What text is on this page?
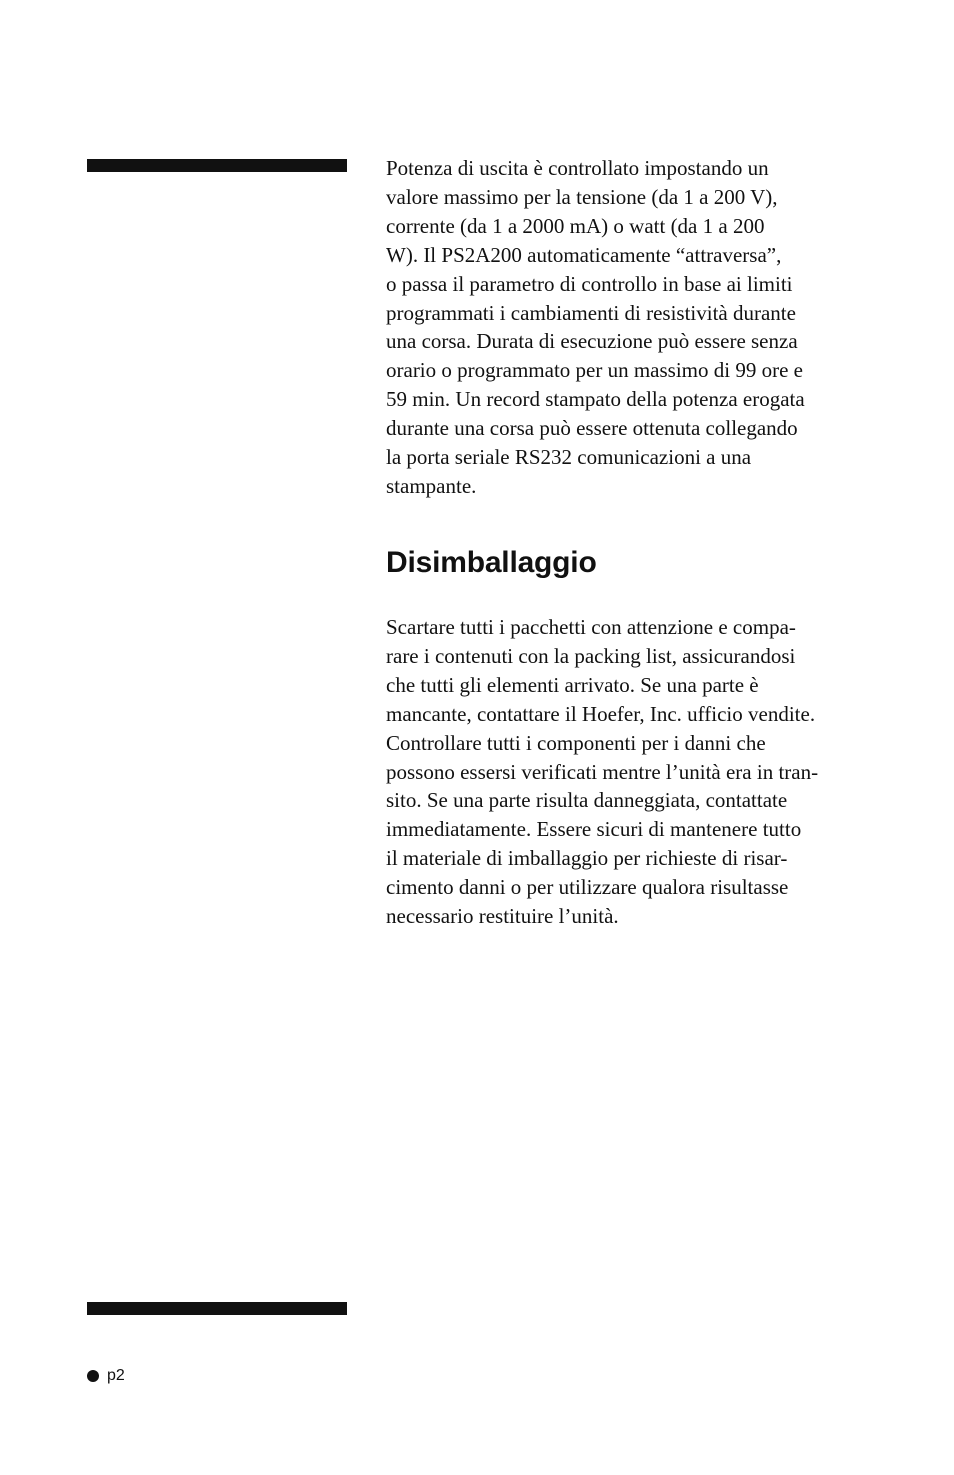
Potenza di uscita è controllato impostando un
valore massimo per la tensione (da 1 a 200 V),
corrente (da 1 a 2000 mA) o watt (da 1 a 200
W). Il PS2A200 automaticamente “attraversa”,
o passa il parametro di controllo in base ai limiti
programmati i cambiamenti di resistività durante
una corsa. Durata di esecuzione può essere senza
orario o programmato per un massimo di 99 ore e
59 min. Un record stampato della potenza erogata
durante una corsa può essere ottenuta collegando
la porta seriale RS232 comunicazioni a una
stampante.
Disimballaggio
Scartare tutti i pacchetti con attenzione e compa-
rare i contenuti con la packing list, assicurandosi
che tutti gli elementi arrivato. Se una parte è
mancante, contattare il Hoefer, Inc. ufficio vendite.
Controllare tutti i componenti per i danni che
possono essersi verificati mentre l’unità era in tran-
sito. Se una parte risulta danneggiata, contattate
immediatamente. Essere sicuri di mantenere tutto
il materiale di imballaggio per richieste di risar-
cimento danni o per utilizzare qualora risultasse
necessario restituire l’unità.
p2
